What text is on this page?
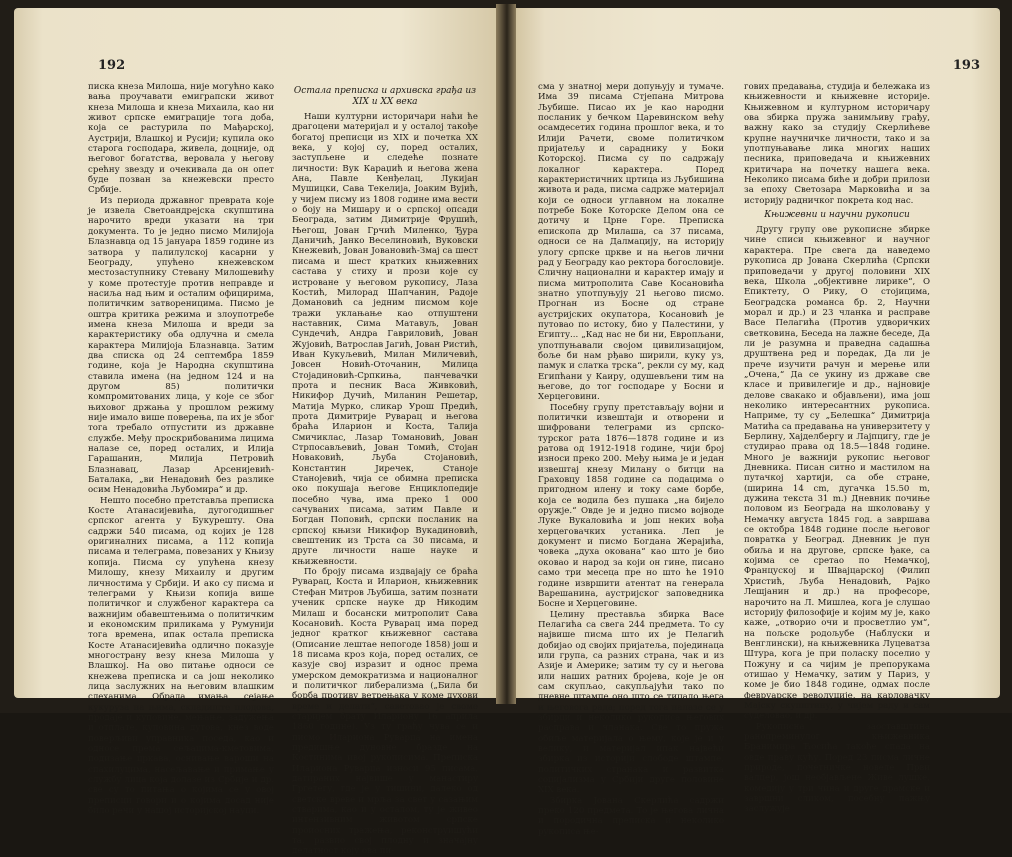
192

писка кнеза Милоша, није могућно како вања проучавати емиграпски живот кнеза Милоша и кнеза Михаила, као ни живот српске емиграције тога доба, која се растурила по Мађарској, Аустрији, Влашкој и Русији; купила око старога господара, живела, доцније, од његовог богатства, веровала у његову срећну звезду и очекивала да он опет буде позван за кнежевски престо Србије.

Из периода државног преврата које је извела Светоандрејска скупштина нарочито вреди указати на три документа. То је једно писмо Милијоја Блазнавца од 15 јануара 1859 године из затвора у палилулској касарни у Београду, упућено кнежевском местозаступнику Стевану Милошевићу у коме протестује против неправде и насиља над њим и осталим официрима, политичким затвореницима. Писмо је оштра критика режима и злоупотребе имена кнеза Милоша и вреди за карактеристику оба одлучна и смела карактера Милијоја Блазнавца. Затим два списка од 24 септембра 1859 године, која је Народна скупштина ставила имена (на једном 124 и на другом 85) политички компромитованих лица, у које се због њиховог држања у прошлом режиму није имало више поверења, па их је због тога требало отпустити из државне службе. Међу проскрибованима лицима налазе се, поред осталих, и Илија Гарашанин, Милија Петровић Блазнавац, Лазар Арсенијевић-Баталака, „ви Ненадовић без разлике осим Ненадовића Љубомира“ и др.

Нешто посебно претставља преписка Косте Атанасијевића, дугогодишњег српског агента у Букурешту. Она садржи 540 писама, од којих је 128 оригиналних писама, а 112 копија писама и телеграма, повезаних у Књизу копија. Писма су упућена кнезу Милошу, кнезу Михаилу и другим личностима у Србији. И ако су писма и телеграми у Књизи копија више политичког и службеног карактера са важнијим обавештењима о политичким и економским приликама у Румунији тога времена, ипак остала преписка Косте Атанасијевића одлично показује многострану везу кнеза Милоша у Влашкој. На ово питање односи се кнежева преписка и са још неколико лица заслужних на његовим влашким слеханима. Обрада имања, сејање кукуруза на њима, складиште плодова, продаје и куповине, мењање, задужења и отплате, куповина дутова, кнез воде поверљиви упрaвника поседа, као и односе према сељацима-кметовима, подизање цркава, оснивање вароши на спахилуцима, насељавање и примање у службу лица која долазе из Србије и др. све су то питања о којима се у овој преписци говори и о којима досад није било речи у нашој историјској науци.

Остала преписка и архивска грађа из XIX и XX века

Наши културни историчари наћи ће драгоцени материјал и у осталој такође богатој преписци из XIX и почетка XX века, у којој су, поред осталих, заступљене и следеће познате личности: Вук Караџић и његова жена Ана, Павле Кенђелац, Лукијан Мушицки, Сава Текелија, Јоаким Вујић, у чијем писму из 1808 године има вести о бoју на Мишару и о српској опсади Београда, затим Димитрије Фрушић, Његош, Јован Грчић Миленко, Ђура Даничић, Јанко Веселиновић, Вуковски Кнежевић, Јован Јовановић-Змај са шест писама и шест кратких књижевних састава у стиху и прози које су истрoвaне у његовом рукопису, Лаза Костић, Милорад Шапчанин, Радоје Домановић са једним писмом које тражи уклањање као отпуштени наставник, Сима Матавуљ, Јован Сундечић, Андра Гавриловић, Јован Жујовић, Ватрослав Јагић, Јован Ристић, Иван Кукуљевић, Милан Миличевић, Јовсен Новић-Оточанин, Милица Стојадиновић-Српкиња, панчевачки прота и песник Васа Живковић, Никифор Дучић, Миланин Решетар, Матија Мурко, сликар Урош Предић, прота Димитрије Руварац и његова браћа Иларион и Коста, Талија Смичиклас, Лазар Томановић, Јован Стрпосављевић, Јован Томић, Стојан Новаковић, Љуба Стојановић, Константин Јиречек, Стaноје Станојевић, чија се обимна преписка око покушаја његове Енциклопедије посебно чува, има преко 1 000 сачуваних писама, затим Павле и Богдан Поповић, српски посланик на српској књизи Никифор Вукадиновић, свештеник из Трста са 30 писама, и друге личности наше науке и књижевности.

По броју писама издвајају се браћа Руварац, Коста и Иларион, књижевник Стефан Митров Љубиша, затим познати ученик српске науке др Никодим Милаш и босански митрополит Сава Косановић. Коста Руварац има поред једног кратког књижевног састава (Описание лештаe непогоде 1858) још и 18 писама кроз која, поред осталих, се казује свој изразит и однос према умерском демократизма и националног и политичког либерализма („Била би борба противу ветрењака у коме духови време и делати“, саветовао је своме старијем брату Илариону 16 априла 1860 године). Уз ту грађу чува се и писмо Илариона Руварца на имена предишње дуновне бразде на Костинима ивој рукописима. Преписка Илариона Руварца износи 95 писама, датираних највише у манастиру Гргетегу, где је у тишини, далеко од светске вреве и мрља за свет у сазањим стварима, као и у осталом, ту је живео интензивним животом српске проиосних тражења, реконструишући та, развио свој плодну и значајну делатност коју ова пи-

193

сма у знатној мери допуњују и тумаче. Има 39 писама Стјепана Митрова Љубише. Писао их је као народни посланик у бечком Царевинском већу осамдесетих година прошлог века, и то Илији Рачети, своме политичком пријатељу и сараднику у Боки Которској. Писма су по садржају локалног карактера. Поред карактеристичних цртица из Љубишина живота и рада, писма садрже материјал који се односи углавном на локалне потребе Боке Которске Делом она се дотичу и Црне Горе. Преписка епископа др Милаша, са 37 писама, односи се на Далмацију, на историју улогу српске цркве и на његов лични рад у Београду као ректора богословије. Сличну национални и карактер имају и писма митрополита Саве Косановића знатно употпуњују 21 његово писмо. Прогнан из Босне од стране аустријских окупатора, Косановић је путовао по истоку, био у Палестини, у Египту... „Кад нас не би ни, Европљани, употпуњавали својом цивилизацијом, боље би нам рђаво ширили, куку уз, памук и слатка трска“, рекли су му, кад Египћани у Каиру, одушевљени тим на његове, до тог господаре у Босни и Херцеговини.

Посебну групу претстављају војни и политички извештаји и отворени и шифровани телеграми из српско-турског рата 1876—1878 године и из ратова од 1912-1918 године, чији број износи преко 200. Међу њима је и један извештај кнезу Милану о битци на Граховцу 1858 године са подацима о пригодном илену и току саме борбе, која се водила без пушака „на бијело оружје.“ Овде је и једно писмо војводе Луке Вукаловића и још неких вођа херцеговачких устаника. Леп је документ и писмо Богдана Жерајића, човека „духа окована“ као што је био оковао и народ за који он гине, писано само три месеца пре но што ће 1910 године извршити атентат на генерала Варешанина, аустријског заповедника Босне и Херцеговине.

Целину преставља збирка Васе Пелагића са свега 244 предмета. То су највише писма што их је Пелагић добијао од својих пријатеља, појединаца или група, са разних страна, чак и из Азије и Америке; затим ту су и његова или наших ратних бројева, које је он сам скупљао, сакупљајући тако по дневне штампе оно што се тицало њега и његовога рада; поред тога налазе се у збирци и неколико рукописа његових расправа и чланака. Све то пружа обиље материјала о њему, које је и у велику, и материјал ипак највећи збирка из историји слободе штампе, политичких странака и развитка социјализма у Србији друге половине XIX века.

Збирка Јована Скерлића садржи преко 120 предмета. То је његова лична и породична преписка и неколико рукописа ње-

гових предавања, студија и бележака из књижевности и књижевне историје. Књижевном и културном историчару ова збирка пружа занимљиву грађу, важну како за студију Скерлићеве крупне научничке личности, тако и за употпуњавање лика многих наших песника, приповедача и књижевних критичара на почетку нашега века. Неколико писама биће и добри прилози за епоху Светозара Марковића и за историју радничког покрета код нас.

Књижевни и научни рукописи

Другу групу ове рукописне збирке чине списи књижевног и научног карактера. Пре свега да наведемо рукописа др Јована Скерлића (Српски приповедачи у другој половини XIX века, Школа „објективне лирике“, О Епиктету, О Рику, О стојицима, Београдска романса бр. 2, Научни морал и др.) и 23 чланка и расправе Васе Пелагића (Против удворичких светковина, Беседа на лажне беседе, Да ли је разумна и праведна садашња друштвена ред и поредак, Да ли је прече изучити рачун и мерење или „Очена,“ Да се укину из државе све класе и привилегије и др., најновије делове свакако и објављени), има још неколико интересантних рукописа. Наприме, ту су „Белешка“ Димитрија Матића са предавања на универзитету у Берлину, Хајделбергу и Лајпцигу, где је студирао права од 18.5—1848 године. Много је важнији рукопис његовог Дневника. Писан ситно и мастилом на путачкој хартији, са обе стране, (ширина 14 cm, дугачка 15.50 m, дужина текста 31 m.) Дневник почиње половом из Београда на школовању у Немачку августа 1845 год. а завршава се октобра 1848 године после његовог повратка у Београд. Дневник је пун обиља и на другове, српске ђаке, са којима се сретао по Немачкој, Француској и Швајцарској (Филип Христић, Љуба Ненадовић, Рајко Лешјанин и др.) на професоре, нарочито на Л. Мишлеа, кога је слушао историју филозофије и којим му је, како каже, „отворио очи и просветлио ум“, на пољске родољубе (Наблуски и Венглински), на књижевника Луцеватзa Штура, кога је при поласку поселио у Пожуну и са чијим је препорукама отишао у Немачку, затим у Париз, у коме је био 1848 године, одмах после февруарске револуције, на карловачку Мајску скупштину, у чијем раду и сам суделовао, и др.

Рукописна заоставштина ранопреминулог књижевника Бранимира Ћосића такође спада на овде праву кућу. Поред 23 писма личне природе, почетничке новеле Први валцер, још необјављене Живе лушке, комедију у три чина и друге драмске и завршни сликом, посебну пажњу заслужује
